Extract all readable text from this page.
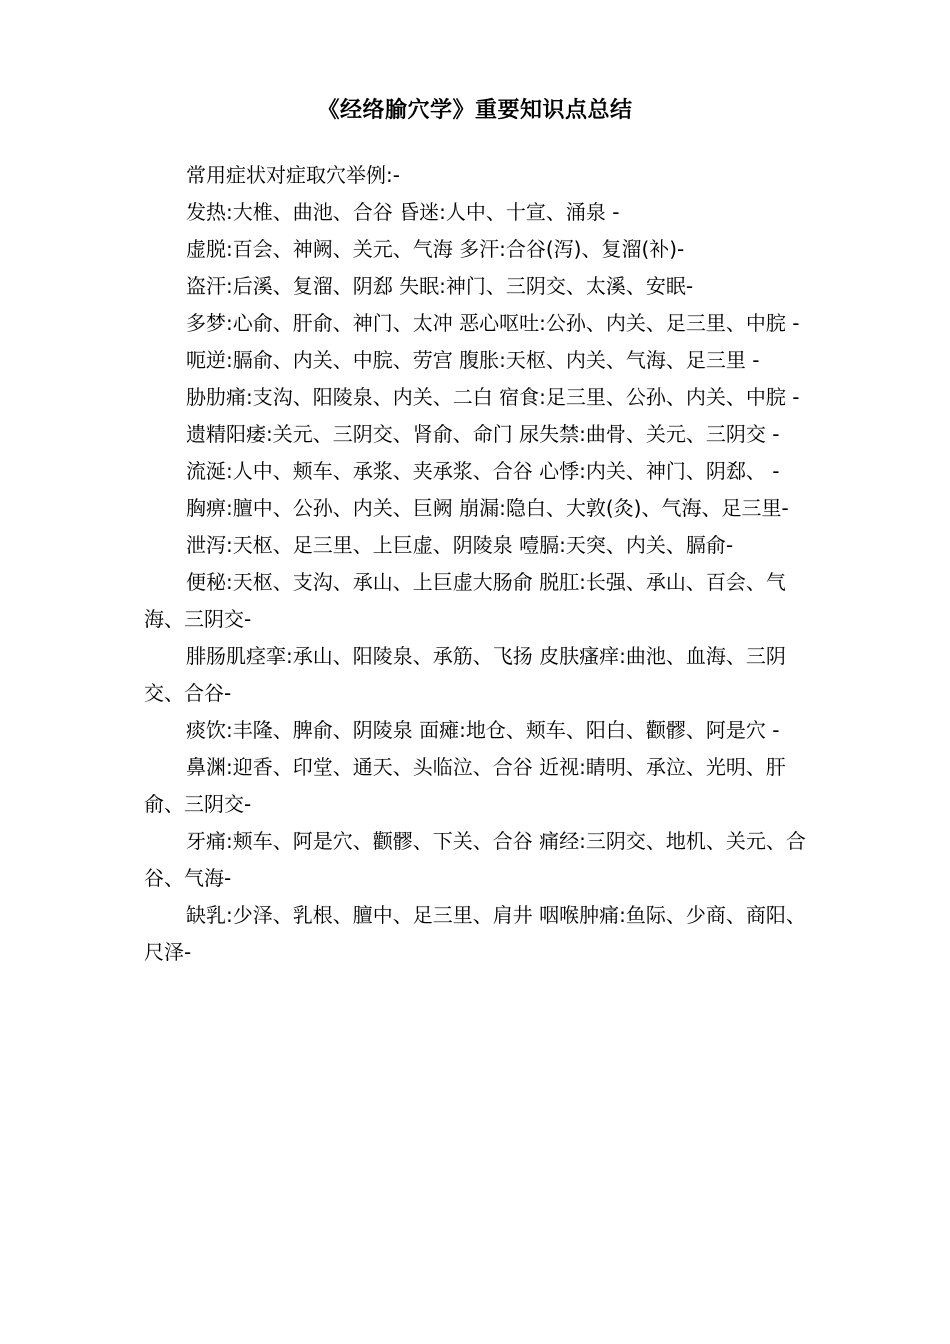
《经络腧穴学》重要知识点总结

常用症状对症取穴举例:-

发热:大椎、曲池、合谷 昏迷:人中、十宣、涌泉 -

虚脱:百会、神阙、关元、气海 多汗:合谷(泻)、复溜(补)-

盗汗:后溪、复溜、阴郄 失眠:神门、三阴交、太溪、安眠-

多梦:心俞、肝俞、神门、太冲 恶心呕吐:公孙、内关、足三里、中脘 -

呃逆:膈俞、内关、中脘、劳宫 腹胀:天枢、内关、气海、足三里 -

胁肋痛:支沟、阳陵泉、内关、二白 宿食:足三里、公孙、内关、中脘 -

遗精阳痿:关元、三阴交、肾俞、命门 尿失禁:曲骨、关元、三阴交 -

流涎:人中、颊车、承浆、夹承浆、合谷 心悸:内关、神门、阴郄、 -

胸痹:膻中、公孙、内关、巨阙 崩漏:隐白、大敦(灸)、气海、足三里-

泄泻:天枢、足三里、上巨虚、阴陵泉 噎膈:天突、内关、膈俞-

便秘:天枢、支沟、承山、上巨虚大肠俞 脱肛:长强、承山、百会、气海、三阴交-

腓肠肌痉挛:承山、阳陵泉、承筋、飞扬 皮肤瘙痒:曲池、血海、三阴交、合谷-

痰饮:丰隆、脾俞、阴陵泉 面瘫:地仓、颊车、阳白、颧髎、阿是穴 -

鼻渊:迎香、印堂、通天、头临泣、合谷 近视:睛明、承泣、光明、肝俞、三阴交-

牙痛:颊车、阿是穴、颧髎、下关、合谷 痛经:三阴交、地机、关元、合谷、气海-

缺乳:少泽、乳根、膻中、足三里、肩井 咽喉肿痛:鱼际、少商、商阳、尺泽-
